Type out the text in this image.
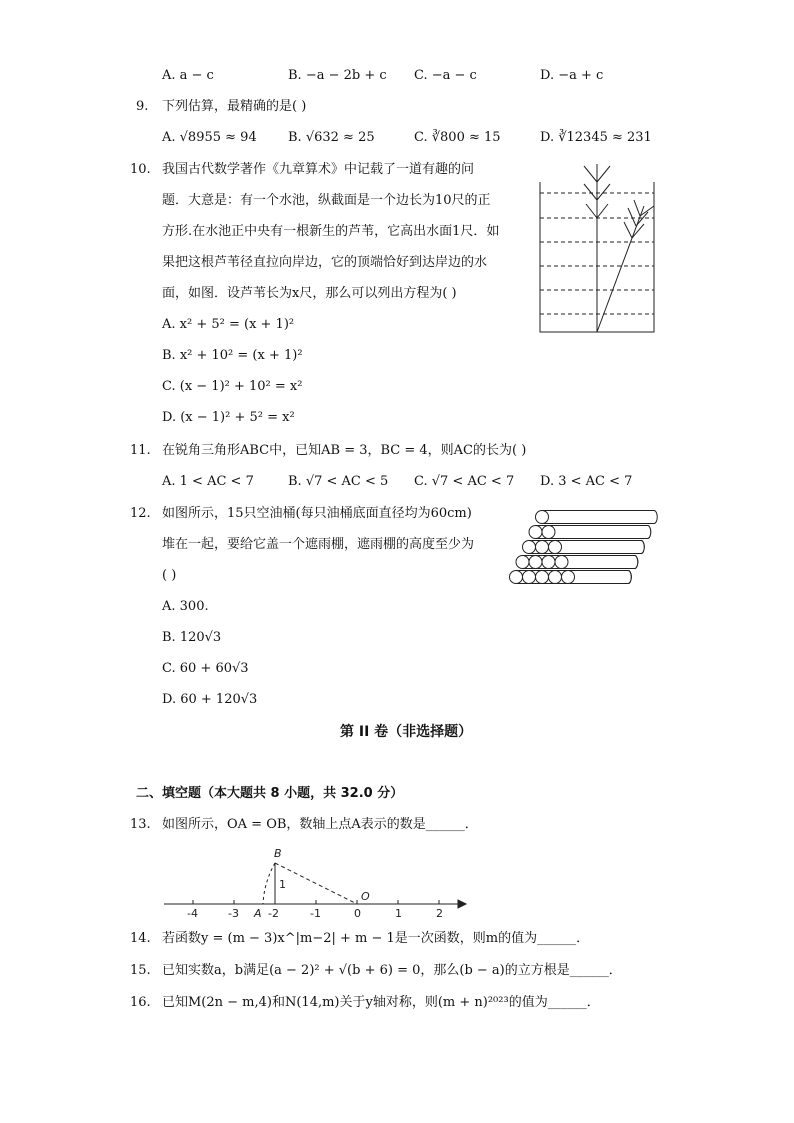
A. a − c	B. −a − 2b + c C. −a − c	D. −a + c
9. 下列估算，最精确的是( )
A. √8955 ≈ 94 B. √632 ≈ 25	C. ∛800 ≈ 15	D. ∛12345 ≈ 231
10. 我国古代数学著作《九章算术》中记载了一道有趣的问
题．大意是：有一个水池，纵截面是一个边长为10尺的正
方形.在水池正中央有一根新生的芦苇，它高出水面1尺．如
果把这根芦苇径直拉向岸边，它的顶端恰好到达岸边的水
面，如图．设芦苇长为x尺，那么可以列出方程为( )
A. x² + 5² = (x + 1)²
B. x² + 10² = (x + 1)²
C. (x − 1)² + 10² = x²
D. (x − 1)² + 5² = x²
11. 在锐角三角形ABC中，已知AB = 3，BC = 4，则AC的长为( )
A. 1 < AC < 7	B. √7 < AC < 5 C. √7 < AC < 7 D. 3 < AC < 7
12. 如图所示，15只空油桶(每只油桶底面直径均为60cm)
堆在一起，要给它盖一个遮雨棚，遮雨棚的高度至少为
( )
A. 300.
B. 120√3
C. 60 + 60√3
D. 60 + 120√3
第 II 卷（非选择题）
二、填空题（本大题共 8 小题，共 32.0 分）
13. 如图所示，OA = OB，数轴上点A表示的数是______．
B
O
A
1
-4	-3	-2	-1	0	1	2
14. 若函数y = (m − 3)x^|m−2| + m − 1是一次函数，则m的值为______．
15. 已知实数a，b满足(a − 2)² + √(b + 6) = 0，那么(b − a)的立方根是______．
16. 已知M(2n − m,4)和N(14,m)关于y轴对称，则(m + n)²⁰²³的值为______．
